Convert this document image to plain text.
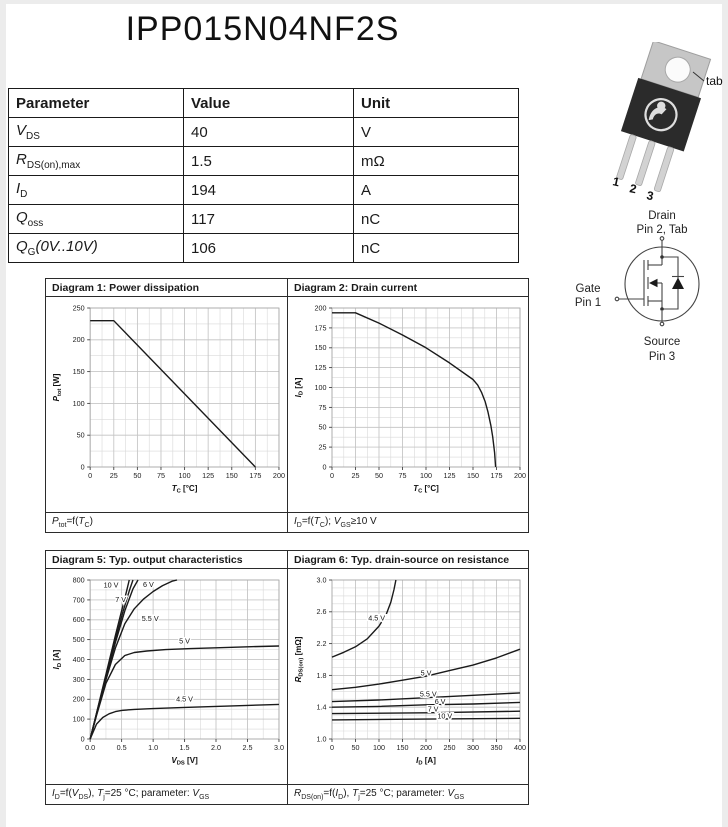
IPP015N04NF2S
tab
1 2 3
Drain
Pin 2, Tab
Gate
Pin 1
Source
Pin 3
Parameter	Value	Unit
$V_{DS}$	40	V
$R_{DS(on),max}$	1.5	mΩ
$I_D$	194	A
$Q_{oss}$	117	nC
$Q_G(0V..10V)$	106	nC
Diagram 1: Power dissipation
0 25 50 75 100 125 150 175 200
0
50
100
150
200
250
TC [°C]
Ptot [W]
$P_{tot}=f(T_C)$
Diagram 2: Drain current
0 25 50 75 100 125 150 175 200
0
25
50
75
100
125
150
175
200
TC [°C]
ID [A]
$I_D=f(T_C)$; $V_{GS}\ge 10$ V
Diagram 5: Typ. output characteristics
0.0	0.5	1.0	1.5	2.0	2.5	3.0
0
100
200
300
400
500
600
700
800
VDS [V]
ID [A]
10 V
7 V
6 V
5.5 V
5 V
4.5 V
$I_D=f(V_{DS})$, $T_j=25$ °C; parameter: $V_{GS}$
Diagram 6: Typ. drain-source on resistance
0 50 100 150 200 250 300 350 400
1.0
1.4
1.8
2.2
2.6
3.0
ID [A]
RDS(on) [mΩ]
4.5 V
5 V
5.5 V
6 V
7 V
10 V
$R_{DS(on)}=f(I_D)$, $T_j=25$ °C; parameter: $V_{GS}$
